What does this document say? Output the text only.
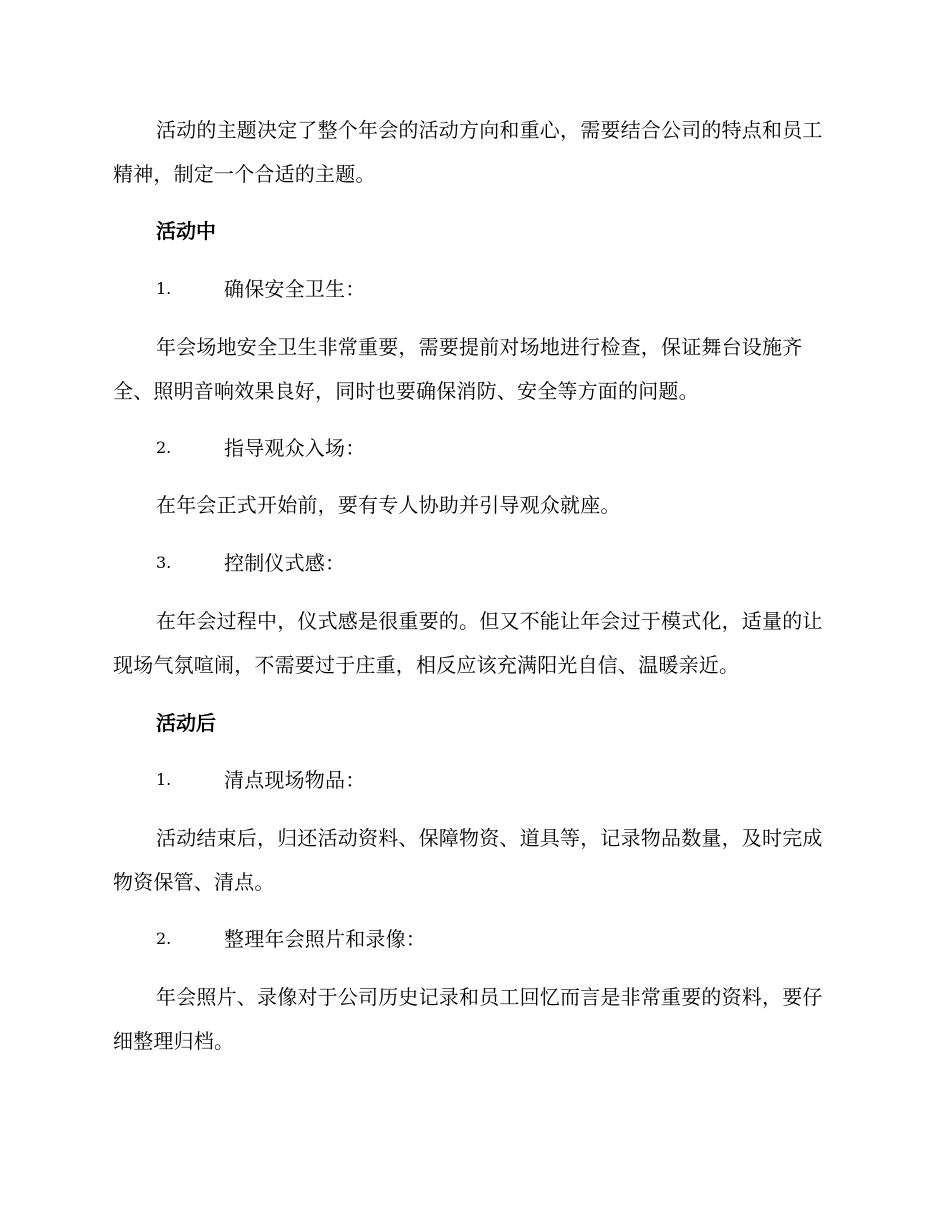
活动的主题决定了整个年会的活动方向和重心，需要结合公司的特点和员工精神，制定一个合适的主题。

活动中

1.	确保安全卫生：

年会场地安全卫生非常重要，需要提前对场地进行检查，保证舞台设施齐全、照明音响效果良好，同时也要确保消防、安全等方面的问题。

2.	指导观众入场：

在年会正式开始前，要有专人协助并引导观众就座。

3.	控制仪式感：

在年会过程中，仪式感是很重要的。但又不能让年会过于模式化，适量的让现场气氛喧闹，不需要过于庄重，相反应该充满阳光自信、温暖亲近。

活动后

1.	清点现场物品：

活动结束后，归还活动资料、保障物资、道具等，记录物品数量，及时完成物资保管、清点。

2.	整理年会照片和录像：

年会照片、录像对于公司历史记录和员工回忆而言是非常重要的资料，要仔细整理归档。
